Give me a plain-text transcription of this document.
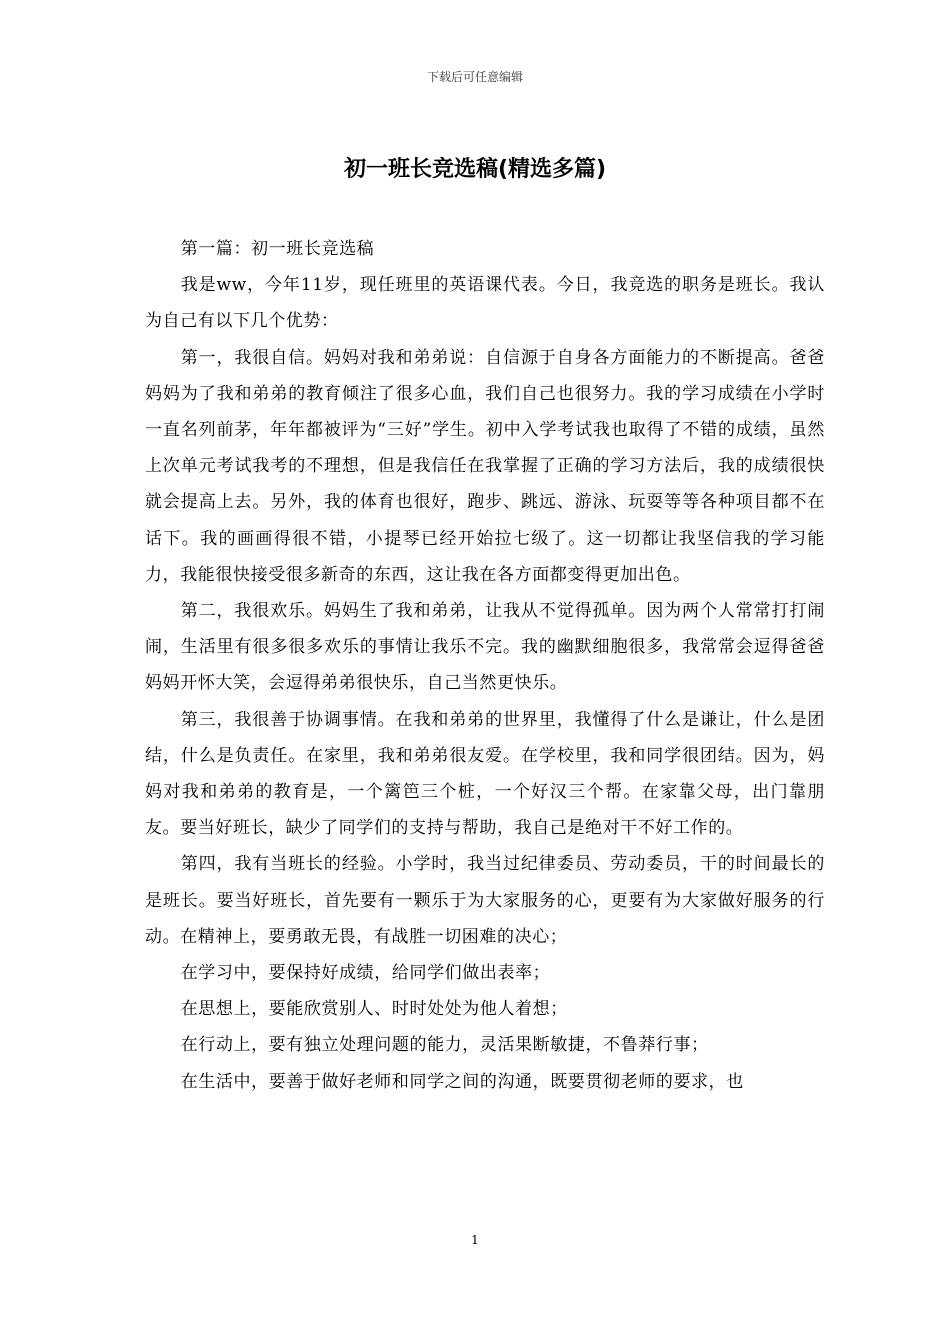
下载后可任意编辑
初一班长竞选稿(精选多篇)

第一篇：初一班长竞选稿

我是ww，今年11岁，现任班里的英语课代表。今日，我竞选的职务是班长。我认为自己有以下几个优势：

第一，我很自信。妈妈对我和弟弟说：自信源于自身各方面能力的不断提高。爸爸妈妈为了我和弟弟的教育倾注了很多心血，我们自己也很努力。我的学习成绩在小学时一直名列前茅，年年都被评为“三好”学生。初中入学考试我也取得了不错的成绩，虽然上次单元考试我考的不理想，但是我信任在我掌握了正确的学习方法后，我的成绩很快就会提高上去。另外，我的体育也很好，跑步、跳远、游泳、玩耍等等各种项目都不在话下。我的画画得很不错，小提琴已经开始拉七级了。这一切都让我坚信我的学习能力，我能很快接受很多新奇的东西，这让我在各方面都变得更加出色。

第二，我很欢乐。妈妈生了我和弟弟，让我从不觉得孤单。因为两个人常常打打闹闹，生活里有很多很多欢乐的事情让我乐不完。我的幽默细胞很多，我常常会逗得爸爸妈妈开怀大笑，会逗得弟弟很快乐，自己当然更快乐。

第三，我很善于协调事情。在我和弟弟的世界里，我懂得了什么是谦让，什么是团结，什么是负责任。在家里，我和弟弟很友爱。在学校里，我和同学很团结。因为，妈妈对我和弟弟的教育是，一个篱笆三个桩，一个好汉三个帮。在家靠父母，出门靠朋友。要当好班长，缺少了同学们的支持与帮助，我自己是绝对干不好工作的。

第四，我有当班长的经验。小学时，我当过纪律委员、劳动委员，干的时间最长的是班长。要当好班长，首先要有一颗乐于为大家服务的心，更要有为大家做好服务的行动。在精神上，要勇敢无畏，有战胜一切困难的决心；

在学习中，要保持好成绩，给同学们做出表率；

在思想上，要能欣赏别人、时时处处为他人着想；

在行动上，要有独立处理问题的能力，灵活果断敏捷，不鲁莽行事；

在生活中，要善于做好老师和同学之间的沟通，既要贯彻老师的要求，也

1
